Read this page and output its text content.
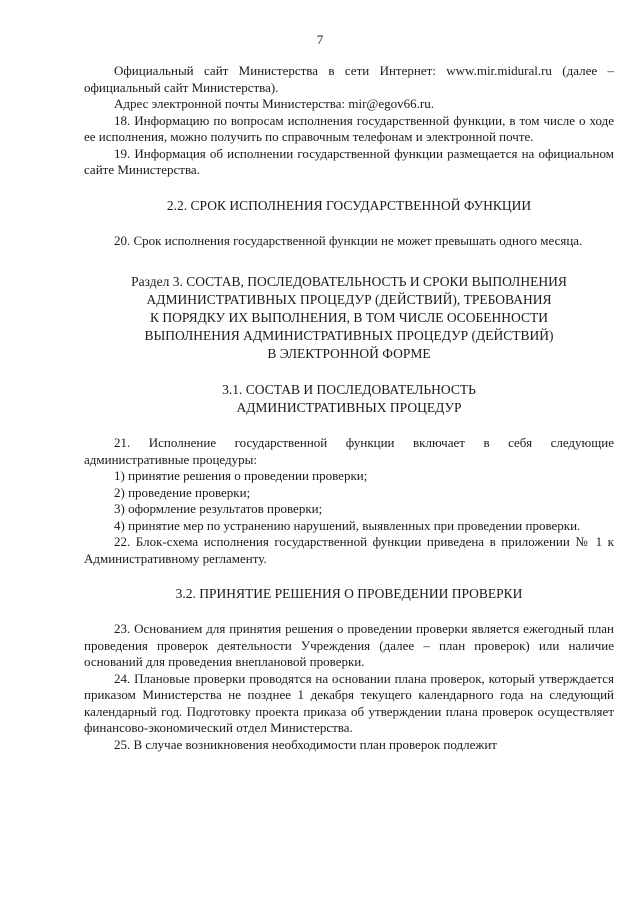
7

Официальный сайт Министерства в сети Интернет: www.mir.midural.ru (далее – официальный сайт Министерства).

Адрес электронной почты Министерства: mir@egov66.ru.

18. Информацию по вопросам исполнения государственной функции, в том числе о ходе ее исполнения, можно получить по справочным телефонам и электронной почте.

19. Информация об исполнении государственной функции размещается на официальном сайте Министерства.

2.2. СРОК ИСПОЛНЕНИЯ ГОСУДАРСТВЕННОЙ ФУНКЦИИ

20. Срок исполнения государственной функции не может превышать одного месяца.

Раздел 3. СОСТАВ, ПОСЛЕДОВАТЕЛЬНОСТЬ И СРОКИ ВЫПОЛНЕНИЯ
АДМИНИСТРАТИВНЫХ ПРОЦЕДУР (ДЕЙСТВИЙ), ТРЕБОВАНИЯ
К ПОРЯДКУ ИХ ВЫПОЛНЕНИЯ, В ТОМ ЧИСЛЕ ОСОБЕННОСТИ
ВЫПОЛНЕНИЯ АДМИНИСТРАТИВНЫХ ПРОЦЕДУР (ДЕЙСТВИЙ)
В ЭЛЕКТРОННОЙ ФОРМЕ
3.1. СОСТАВ И ПОСЛЕДОВАТЕЛЬНОСТЬ
АДМИНИСТРАТИВНЫХ ПРОЦЕДУР

21. Исполнение государственной функции включает в себя следующие административные процедуры:

1) принятие решения о проведении проверки;

2) проведение проверки;

3) оформление результатов проверки;

4) принятие мер по устранению нарушений, выявленных при проведении проверки.

22. Блок-схема исполнения государственной функции приведена в приложении № 1 к Административному регламенту.

3.2. ПРИНЯТИЕ РЕШЕНИЯ О ПРОВЕДЕНИИ ПРОВЕРКИ

23. Основанием для принятия решения о проведении проверки является ежегодный план проведения проверок деятельности Учреждения (далее – план проверок) или наличие оснований для проведения внеплановой проверки.

24. Плановые проверки проводятся на основании плана проверок, который утверждается приказом Министерства не позднее 1 декабря текущего календарного года на следующий календарный год. Подготовку проекта приказа об утверждении плана проверок осуществляет финансово-экономический отдел Министерства.

25. В случае возникновения необходимости план проверок подлежит
